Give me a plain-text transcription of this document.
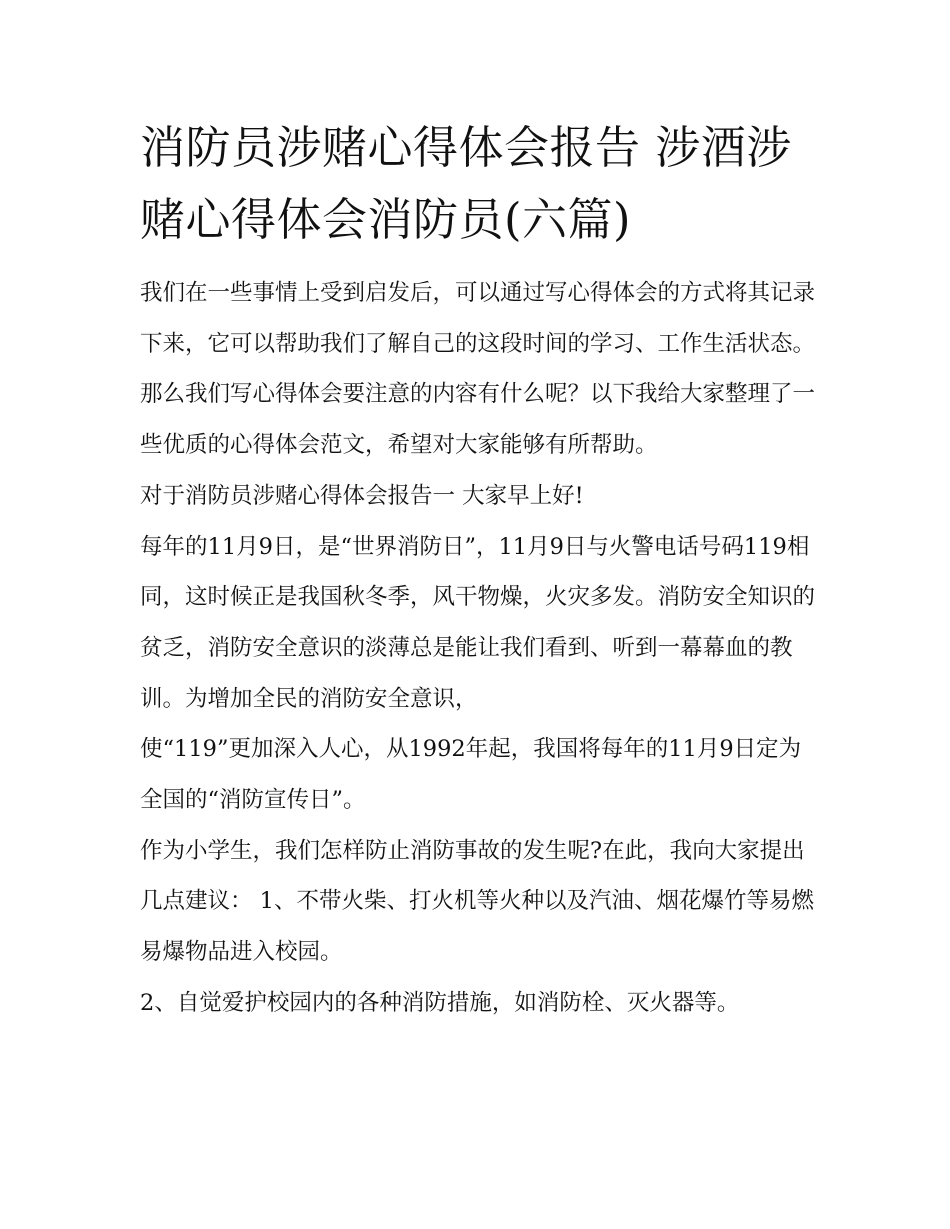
消防员涉赌心得体会报告 涉酒涉赌心得体会消防员(六篇)

我们在一些事情上受到启发后，可以通过写心得体会的方式将其记录下来，它可以帮助我们了解自己的这段时间的学习、工作生活状态。那么我们写心得体会要注意的内容有什么呢？以下我给大家整理了一些优质的心得体会范文，希望对大家能够有所帮助。

对于消防员涉赌心得体会报告一 大家早上好!

每年的11月9日，是“世界消防日”，11月9日与火警电话号码119相同，这时候正是我国秋冬季，风干物燥，火灾多发。消防安全知识的贫乏，消防安全意识的淡薄总是能让我们看到、听到一幕幕血的教训。为增加全民的消防安全意识，

使“119”更加深入人心，从1992年起，我国将每年的11月9日定为全国的“消防宣传日”。

作为小学生，我们怎样防止消防事故的发生呢?在此，我向大家提出几点建议： 1、不带火柴、打火机等火种以及汽油、烟花爆竹等易燃易爆物品进入校园。

2、自觉爱护校园内的各种消防措施，如消防栓、灭火器等。
